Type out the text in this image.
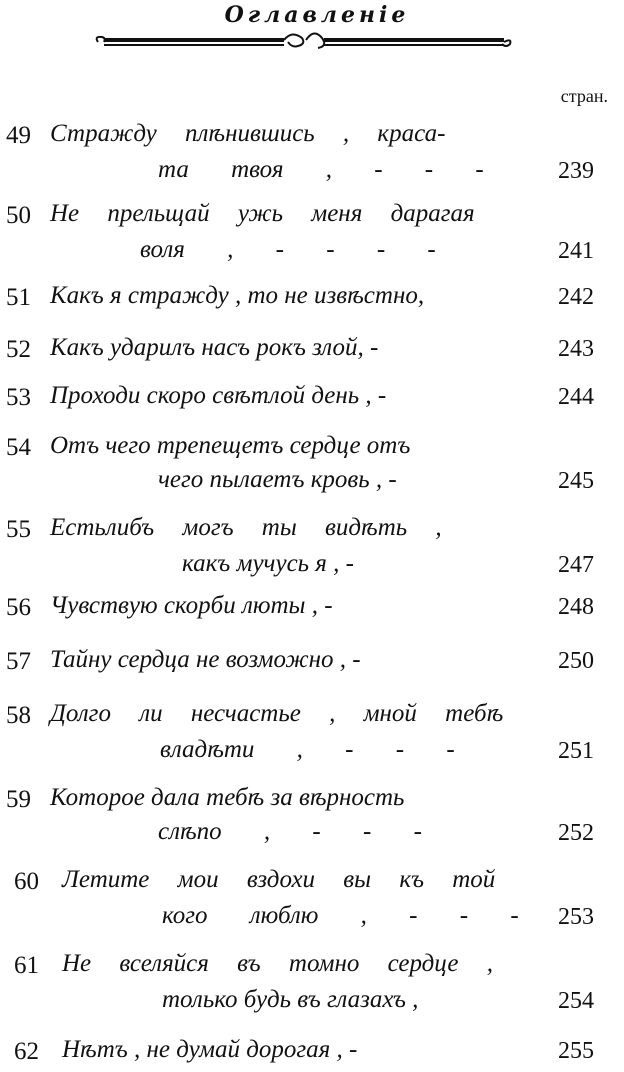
Оглавленie
стран.
49 Стражду плѣнившись , краса-
та твоя , - - -	239
50 Не прельщай ужь меня дарагая
воля , - - - -	241
51 Какъ я стражду , то не извѣстно,	242
52 Какъ ударилъ насъ рокъ злой, -	243
53 Проходи скоро свѣтлой день , -	244
54 Отъ чего трепещетъ сердце отъ
чего пылаетъ кровь , -	245
55 Естьлибъ могъ ты видѣть ,
какъ мучусь я , -	247
56 Чувствую скорби люты , -	248
57 Тайну сердца не возможно , -	250
58 Долго ли несчастье , мной тебѣ
владѣти , - - -	251
59 Которое дала тебѣ за вѣрность
слѣпо , - - -	252
60 Летите мои вздохи вы къ той
кого люблю , - - - 253
61 Не вселяйся въ томно сердце ,
только будь въ глазахъ ,	254
62 Нѣтъ , не думай дорогая , -	255
